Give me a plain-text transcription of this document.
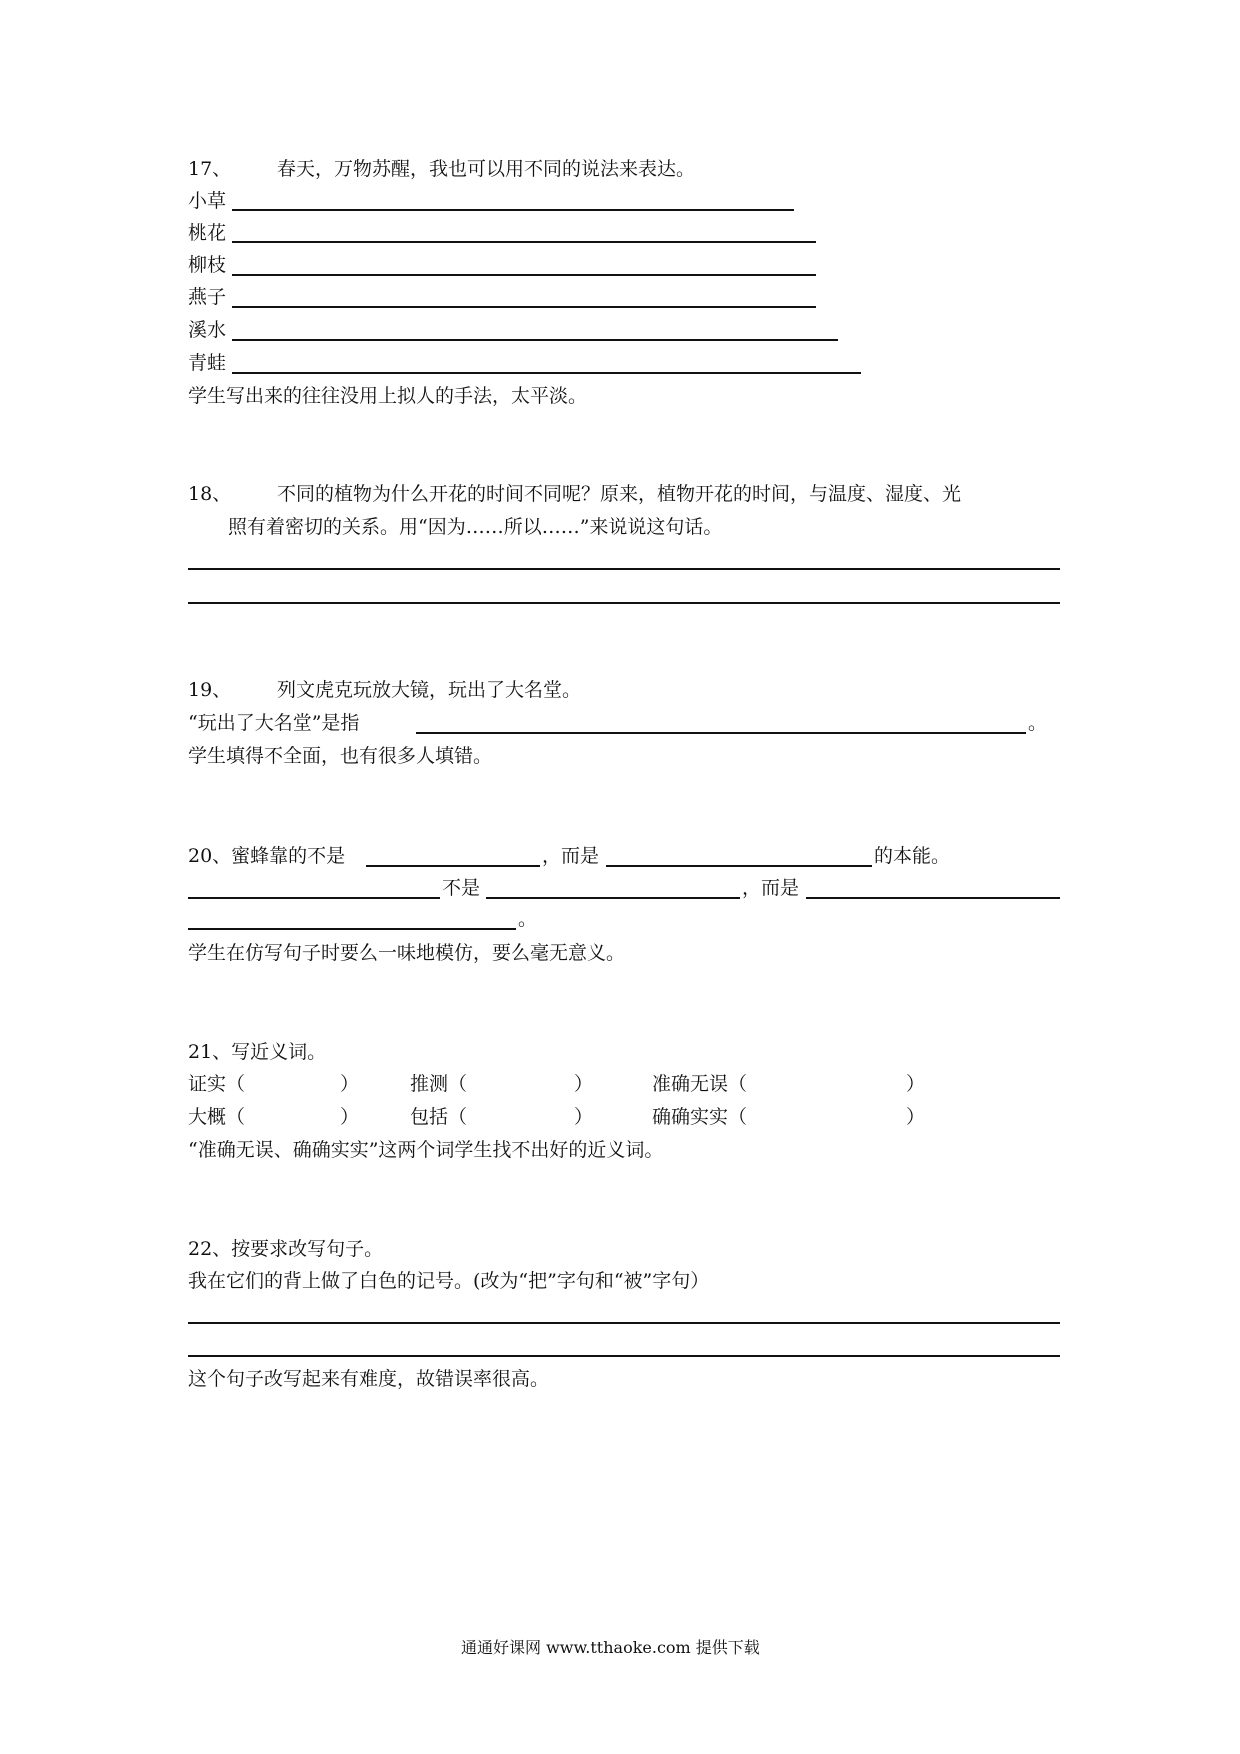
17、 春天，万物苏醒，我也可以用不同的说法来表达。
小草
桃花
柳枝
燕子
溪水
青蛙
学生写出来的往往没用上拟人的手法，太平淡。
18、 不同的植物为什么开花的时间不同呢？原来，植物开花的时间，与温度、湿度、光
照有着密切的关系。用“因为……所以……”来说说这句话。
19、 列文虎克玩放大镜，玩出了大名堂。
“玩出了大名堂”是指	。
学生填得不全面，也有很多人填错。
20、蜜蜂靠的不是	，而是	的本能。
不是	，而是
。
学生在仿写句子时要么一味地模仿，要么毫无意义。
21、写近义词。
证实（	）	推测（	）	准确无误（	）
大概（	）	包括（	）	确确实实（	）
“准确无误、确确实实”这两个词学生找不出好的近义词。
22、按要求改写句子。
我在它们的背上做了白色的记号。(改为“把”字句和“被”字句）
这个句子改写起来有难度，故错误率很高。
通通好课网 www.tthaoke.com 提供下载
